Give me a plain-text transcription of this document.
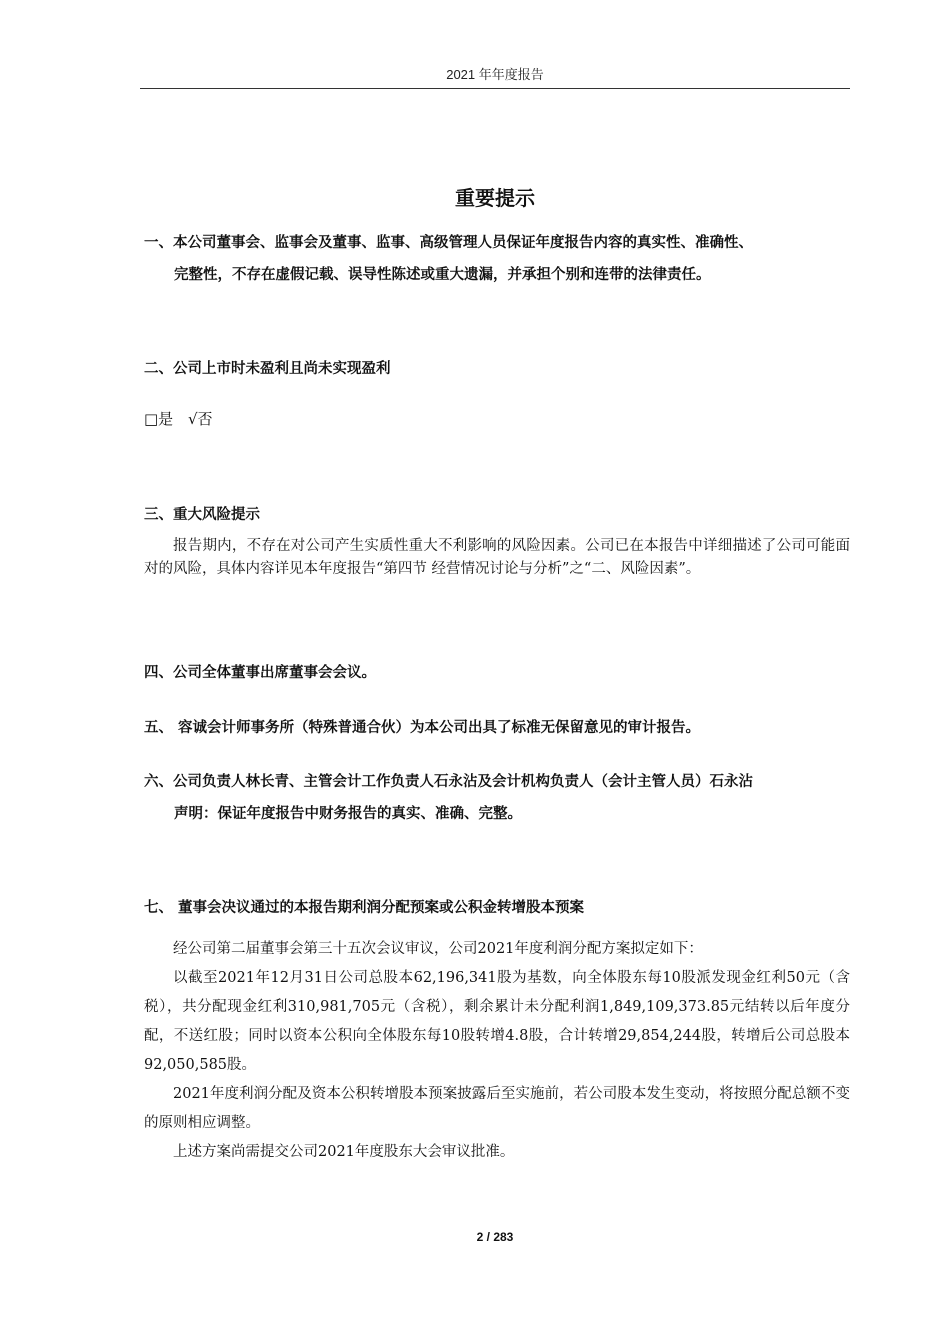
2021 年年度报告
重要提示
一、本公司董事会、监事会及董事、监事、高级管理人员保证年度报告内容的真实性、准确性、
完整性，不存在虚假记载、误导性陈述或重大遗漏，并承担个别和连带的法律责任。
二、公司上市时未盈利且尚未实现盈利
□是 √否
三、重大风险提示

报告期内，不存在对公司产生实质性重大不利影响的风险因素。公司已在本报告中详细描述了公司可能面对的风险，具体内容详见本年度报告“第四节 经营情况讨论与分析”之“二、风险因素”。

四、公司全体董事出席董事会会议。
五、 容诚会计师事务所（特殊普通合伙）为本公司出具了标准无保留意见的审计报告。
六、公司负责人林长青、主管会计工作负责人石永沾及会计机构负责人（会计主管人员）石永沾
声明：保证年度报告中财务报告的真实、准确、完整。
七、 董事会决议通过的本报告期利润分配预案或公积金转增股本预案

经公司第二届董事会第三十五次会议审议，公司2021年度利润分配方案拟定如下：

以截至2021年12月31日公司总股本62,196,341股为基数，向全体股东每10股派发现金红利50元（含税），共分配现金红利310,981,705元（含税），剩余累计未分配利润1,849,109,373.85元结转以后年度分配，不送红股；同时以资本公积向全体股东每10股转增4.8股，合计转增29,854,244股，转增后公司总股本92,050,585股。

2021年度利润分配及资本公积转增股本预案披露后至实施前，若公司股本发生变动，将按照分配总额不变的原则相应调整。

上述方案尚需提交公司2021年度股东大会审议批准。

2 / 283
